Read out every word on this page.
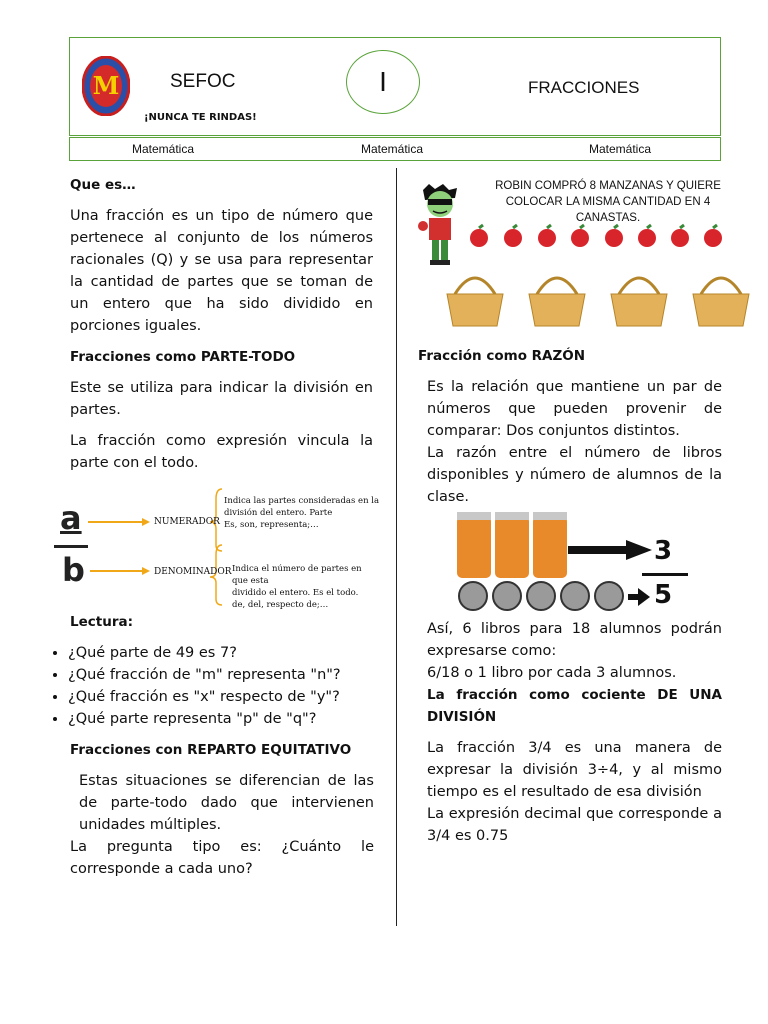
M	SEFOC
¡NUNCA TE RINDAS!
I	FRACCIONES
Matemática	Matemática	Matemática

Que es…

Una fracción es un tipo de número que pertenece al conjunto de los números racionales (Q) y se usa para representar la cantidad de partes que se toman de un entero que ha sido dividido en porciones iguales.

Fracciones como PARTE-TODO

Este se utiliza para indicar la división en partes.

La fracción como expresión vincula la parte con el todo.

a
b
NUMERADOR
DENOMINADOR
Indica las partes consideradas en la
división del entero. Parte
Es, son, representa;…
Indica el número de partes en que esta
dividido el entero. Es el todo.
de, del, respecto de;…

Lectura:

• ¿Qué parte de 49 es 7?
• ¿Qué fracción de "m" representa "n"?
• ¿Qué fracción es "x" respecto de "y"?
• ¿Qué parte representa "p" de "q"?

Fracciones con REPARTO EQUITATIVO

Estas situaciones se diferencian de las de parte-todo dado que intervienen unidades múltiples.

La pregunta tipo es: ¿Cuánto le corresponde a cada uno?

ROBIN COMPRÓ 8 MANZANAS Y QUIERE
COLOCAR LA MISMA CANTIDAD EN 4 CANASTAS.

Fracción como RAZÓN

Es la relación que mantiene un par de números que pueden provenir de comparar: Dos conjuntos distintos.

La razón entre el número de libros disponibles y número de alumnos de la clase.

3
5

Así, 6 libros para 18 alumnos podrán expresarse como:

6/18 o 1 libro por cada 3 alumnos.

La fracción como cociente DE UNA DIVISIÓN

La fracción 3/4 es una manera de expresar la división 3÷4, y al mismo tiempo es el resultado de esa división

La expresión decimal que corresponde a 3/4 es 0.75
